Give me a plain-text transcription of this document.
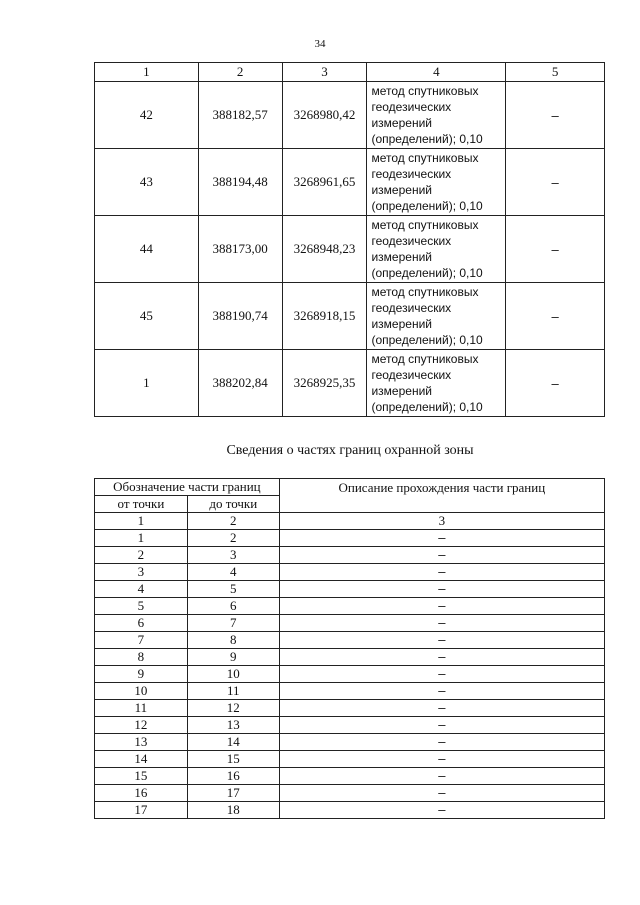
34
1	2	3	4	5
42	388182,57	3268980,42	метод спутниковых геодезических измерений (определений); 0,10	–
43	388194,48	3268961,65	метод спутниковых геодезических измерений (определений); 0,10	–
44	388173,00	3268948,23	метод спутниковых геодезических измерений (определений); 0,10	–
45	388190,74	3268918,15	метод спутниковых геодезических измерений (определений); 0,10	–
1	388202,84	3268925,35	метод спутниковых геодезических измерений (определений); 0,10	–
Сведения о частях границ охранной зоны
Обозначение части границ		Описание прохождения части границ
от точки	до точки	
1	2	3
1	2	–
2	3	–
3	4	–
4	5	–
5	6	–
6	7	–
7	8	–
8	9	–
9	10	–
10	11	–
11	12	–
12	13	–
13	14	–
14	15	–
15	16	–
16	17	–
17	18	–
